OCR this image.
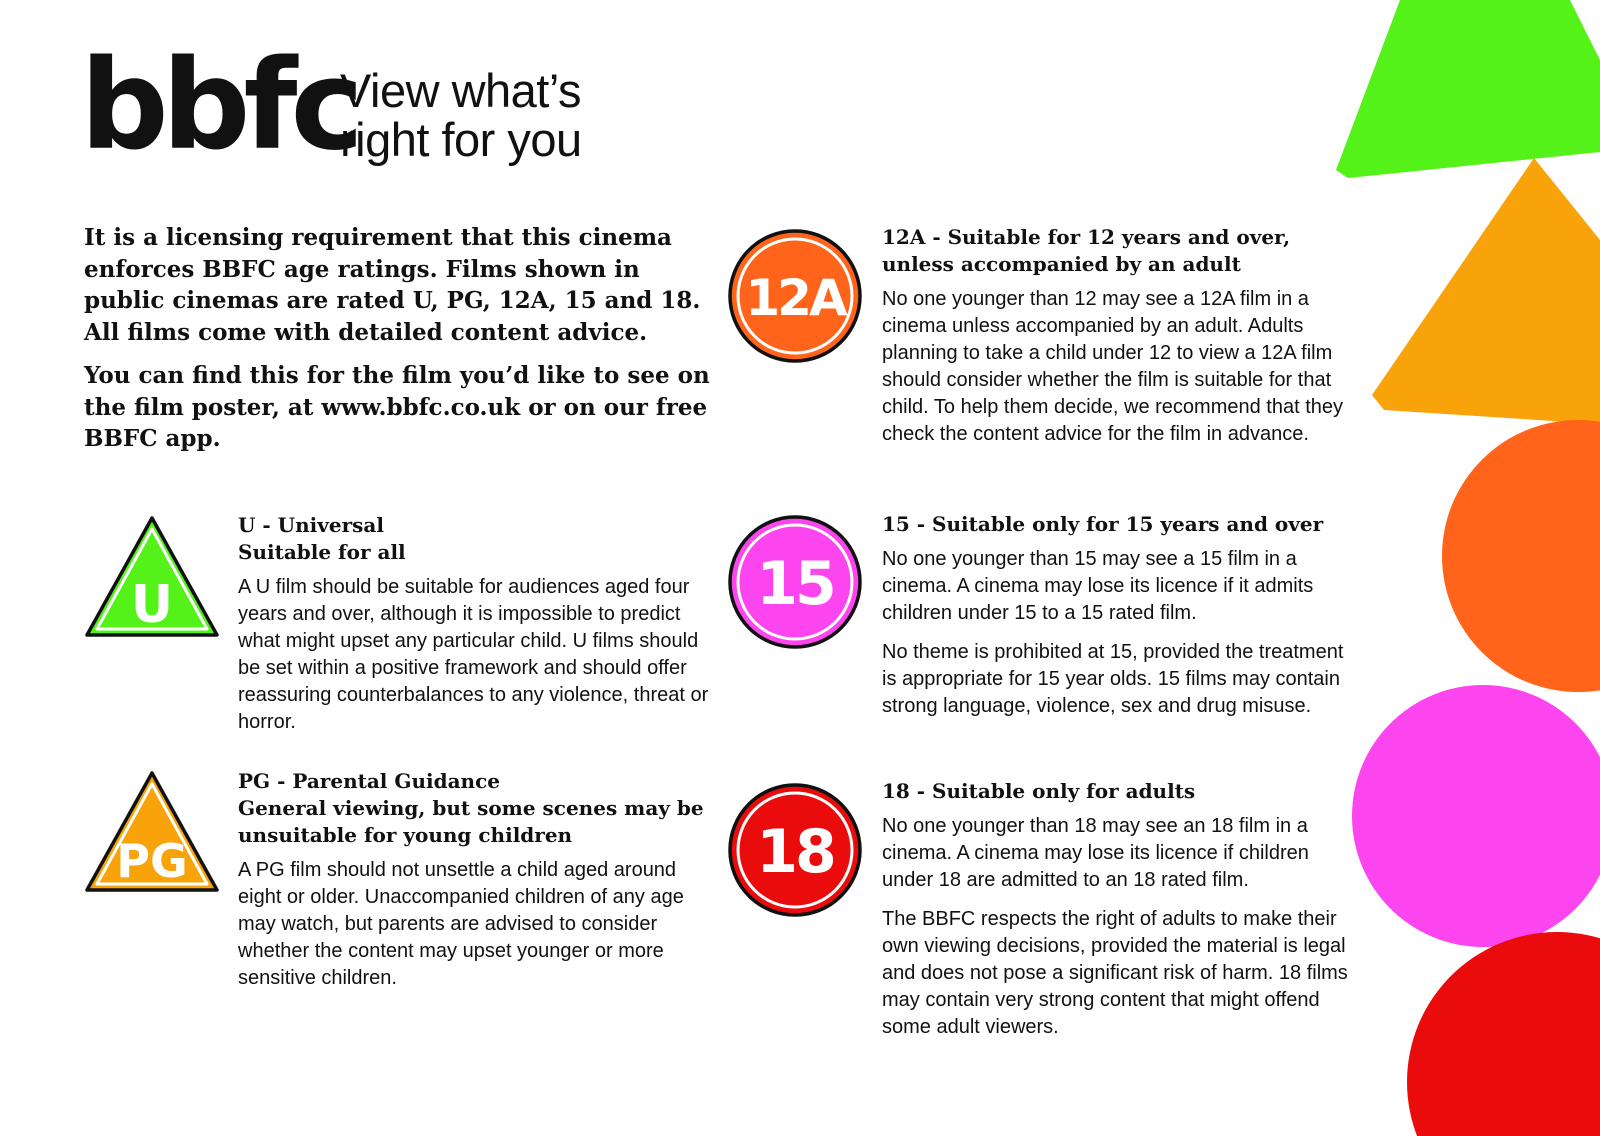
bbfc
View what’s
right for you

It is a licensing requirement that this cinema enforces BBFC age ratings. Films shown in public cinemas are rated U, PG, 12A, 15 and 18. All films come with detailed content advice.

You can find this for the film you’d like to see on the film poster, at www.bbfc.co.uk or on our free BBFC app.

U
U - Universal
Suitable for all

A U film should be suitable for audiences aged four years and over, although it is impossible to predict what might upset any particular child. U films should be set within a positive framework and should offer reassuring counterbalances to any violence, threat or horror.

PG
PG - Parental Guidance
General viewing, but some scenes may be unsuitable for young children

A PG film should not unsettle a child aged around eight or older. Unaccompanied children of any age may watch, but parents are advised to consider whether the content may upset younger or more sensitive children.

12A
12A - Suitable for 12 years and over, unless accompanied by an adult

No one younger than 12 may see a 12A film in a cinema unless accompanied by an adult. Adults planning to take a child under 12 to view a 12A film should consider whether the film is suitable for that child. To help them decide, we recommend that they check the content advice for the film in advance.

15
15 - Suitable only for 15 years and over

No one younger than 15 may see a 15 film in a cinema. A cinema may lose its licence if it admits children under 15 to a 15 rated film.

No theme is prohibited at 15, provided the treatment is appropriate for 15 year olds. 15 films may contain strong language, violence, sex and drug misuse.

18
18 - Suitable only for adults

No one younger than 18 may see an 18 film in a cinema. A cinema may lose its licence if children under 18 are admitted to an 18 rated film.

The BBFC respects the right of adults to make their own viewing decisions, provided the material is legal and does not pose a significant risk of harm. 18 films may contain very strong content that might offend some adult viewers.
